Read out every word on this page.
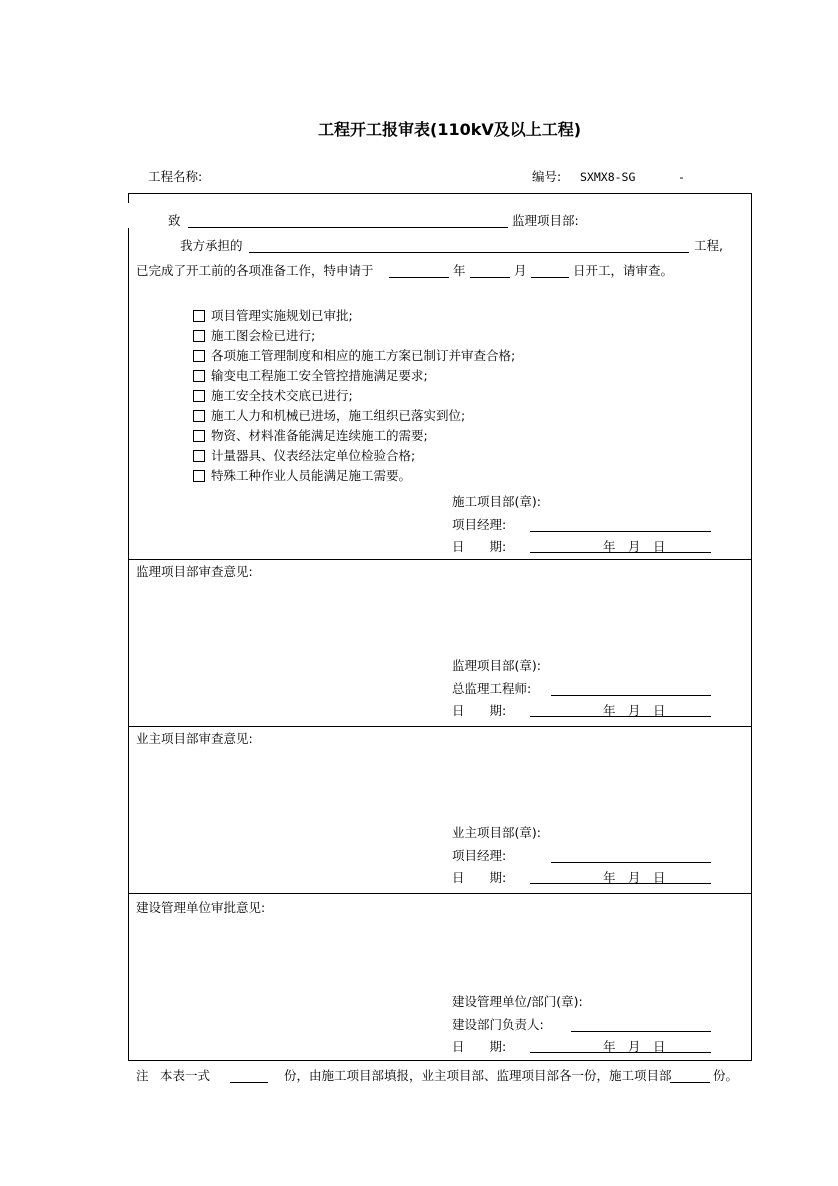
工程开工报审表(110kV及以上工程)
工程名称:	编号: SXMX8-SG	-
致	监理项目部:
我方承担的	工程,
已完成了开工前的各项准备工作，特申请于	年	月	日开工，请审查。
项目管理实施规划已审批;
施工图会检已进行;
各项施工管理制度和相应的施工方案已制订并审查合格;
输变电工程施工安全管控措施满足要求;
施工安全技术交底已进行;
施工人力和机械已进场，施工组织已落实到位;
物资、材料准备能满足连续施工的需要;
计量器具、仪表经法定单位检验合格;
特殊工种作业人员能满足施工需要。
施工项目部(章):
项目经理:
日　　期:	年　月　日
监理项目部审查意见:
监理项目部(章):
总监理工程师:
日　　期:	年　月　日
业主项目部审查意见:
业主项目部(章):
项目经理:
日　　期:	年　月　日
建设管理单位审批意见:
建设管理单位/部门(章):
建设部门负责人:
日　　期:	年　月　日
注 本表一式	份，由施工项目部填报，业主项目部、监理项目部各一份，施工项目部	份。
